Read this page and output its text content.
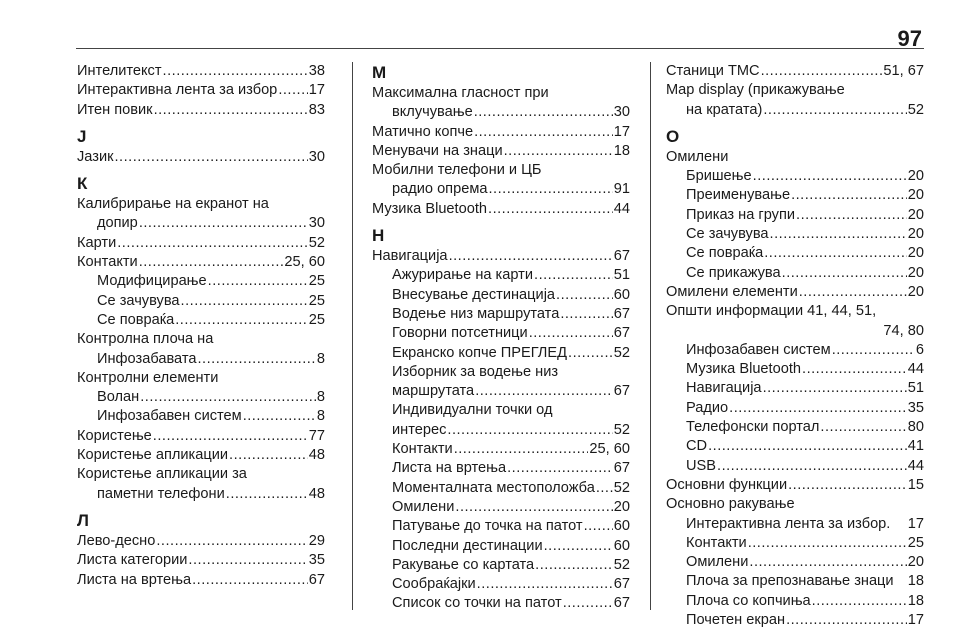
97
Интелитекст .....	38
Интерактивна лента за избор ..... 17
Итен повик .....	83
Ј
Јазик .....	30
К
Калибрирање на екранот на
допир .....	30
Карти .....	52
Контакти .....	25, 60
Модифицирање .....	25
Се зачувува .....	25
Се повраќа .....	25
Контролна плоча на
Инфозабавата .....	8
Контролни елементи
Волан .....	8
Инфозабавен систем .....	8
Користење .....	77
Користење апликации .....	48
Користење апликации за
паметни телефони .....	48
Л
Лево-десно .....	29
Листа категории .....	35
Листа на вртења .....	67
М
Максимална гласност при
вклучување .....	30
Матично копче .....	17
Менувачи на знаци .....	18
Мобилни телефони и ЦБ
радио опрема .....	91
Музика Bluetooth .....	44
Н
Навигација .....	67
Ажурирање на карти .....	51
Внесување дестинација .....	60
Водење низ маршрутата .....	67
Говорни потсетници .....	67
Екранско копче ПРЕГЛЕД .....	52
Изборник за водење низ
маршрутата .....	67
Индивидуални точки од
интерес .....	52
Контакти .....	25, 60
Листа на вртења .....	67
Моменталната местоположба ..... 52
Омилени .....	20
Патување до точка на патот ..... 60
Последни дестинации .....	60
Ракување со картата .....	52
Сообраќајки .....	67
Список со точки на патот .....	67
Станици TMC .....	51, 67
Map display (прикажување
на кратата) .....	52
О
Омилени
Бришење .....	20
Преименување .....	20
Приказ на групи .....	20
Се зачувува .....	20
Се повраќа .....	20
Се прикажува .....	20
Омилени елементи .....	20
Општи информации 41, 44, 51,
74, 80
Инфозабавен систем .....	6
Музика Bluetooth .....	44
Навигација .....	51
Радио .....	35
Телефонски портал .....	80
CD .....	41
USB .....	44
Основни функции .....	15
Основно ракување
Интерактивна лента за избор. 17
Контакти .....	25
Омилени .....	20
Плоча за препознавање знаци 18
Плоча со копчиња .....	18
Почетен екран .....	17
